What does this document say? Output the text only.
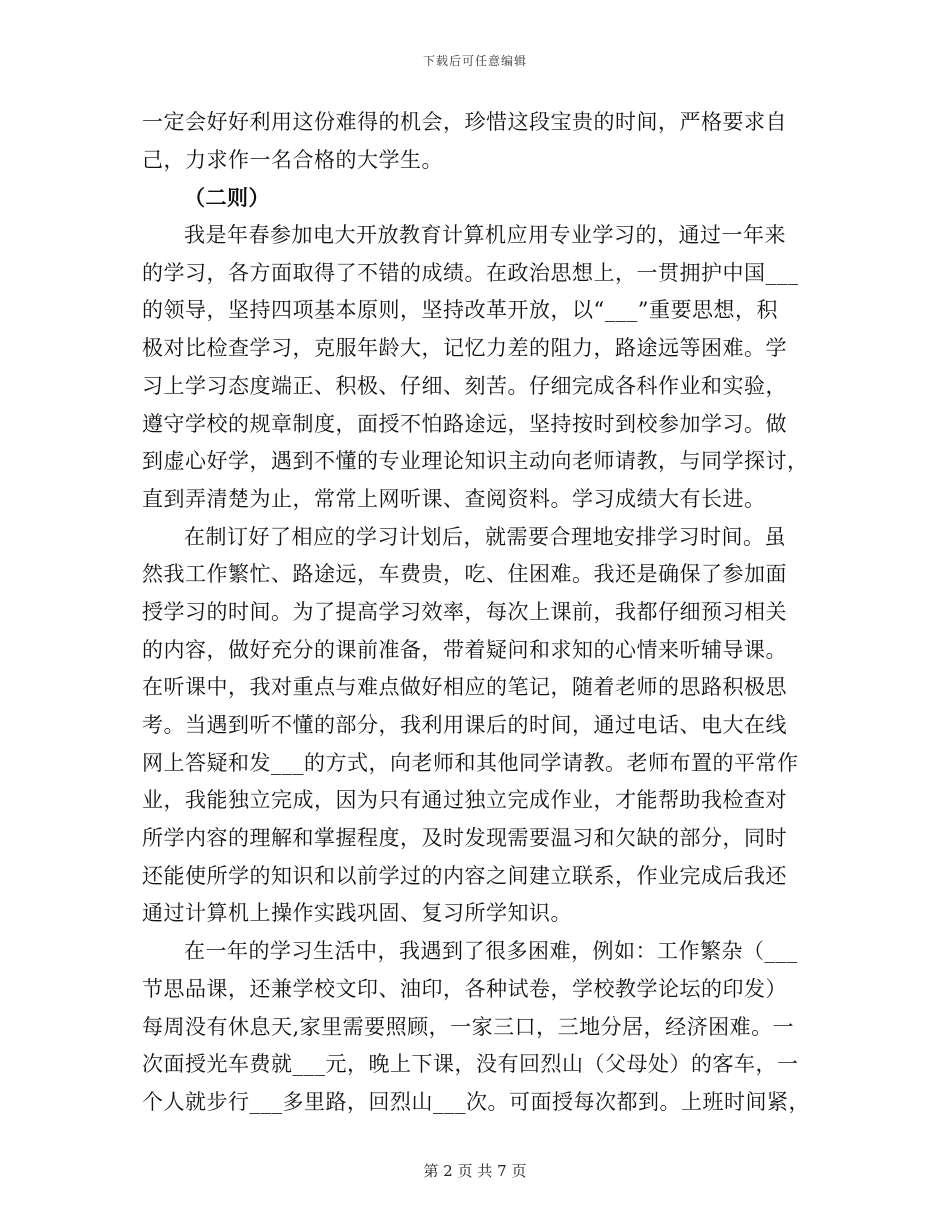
下载后可任意编辑
一定会好好利用这份难得的机会，珍惜这段宝贵的时间，严格要求自
己，力求作一名合格的大学生。
（二则）
我是年春参加电大开放教育计算机应用专业学习的，通过一年来
的学习，各方面取得了不错的成绩。在政治思想上，一贯拥护中国___
的领导，坚持四项基本原则，坚持改革开放，以“___”重要思想，积
极对比检查学习，克服年龄大，记忆力差的阻力，路途远等困难。学
习上学习态度端正、积极、仔细、刻苦。仔细完成各科作业和实验，
遵守学校的规章制度，面授不怕路途远，坚持按时到校参加学习。做
到虚心好学，遇到不懂的专业理论知识主动向老师请教，与同学探讨，
直到弄清楚为止，常常上网听课、查阅资料。学习成绩大有长进。
在制订好了相应的学习计划后，就需要合理地安排学习时间。虽
然我工作繁忙、路途远，车费贵，吃、住困难。我还是确保了参加面
授学习的时间。为了提高学习效率，每次上课前，我都仔细预习相关
的内容，做好充分的课前准备，带着疑问和求知的心情来听辅导课。
在听课中，我对重点与难点做好相应的笔记，随着老师的思路积极思
考。当遇到听不懂的部分，我利用课后的时间，通过电话、电大在线
网上答疑和发___的方式，向老师和其他同学请教。老师布置的平常作
业，我能独立完成，因为只有通过独立完成作业，才能帮助我检查对
所学内容的理解和掌握程度，及时发现需要温习和欠缺的部分，同时
还能使所学的知识和以前学过的内容之间建立联系，作业完成后我还
通过计算机上操作实践巩固、复习所学知识。
在一年的学习生活中，我遇到了很多困难，例如：工作繁杂（___
节思品课，还兼学校文印、油印，各种试卷，学校教学论坛的印发）
每周没有休息天,家里需要照顾，一家三口，三地分居，经济困难。一
次面授光车费就___元，晚上下课，没有回烈山（父母处）的客车，一
个人就步行___多里路，回烈山___次。可面授每次都到。上班时间紧，
第 2 页 共 7 页
